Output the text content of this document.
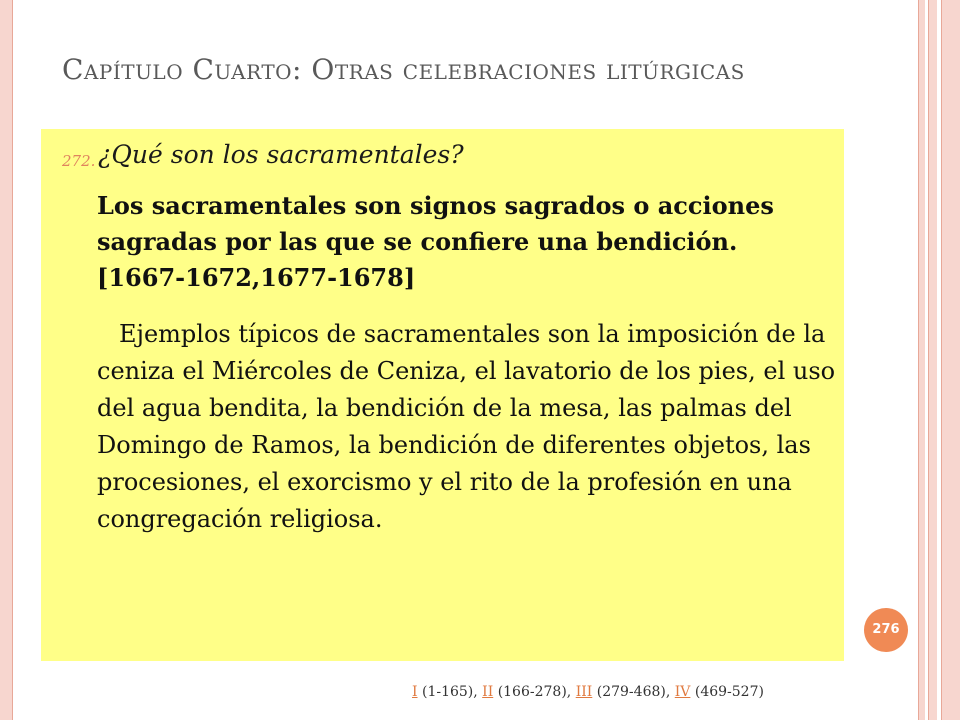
Capítulo Cuarto: Otras celebraciones litúrgicas
272. ¿Qué son los sacramentales?
Los sacramentales son signos sagrados o acciones sagradas por las que se confiere una bendición. [1667-1672,1677-1678]
Ejemplos típicos de sacramentales son la imposición de la ceniza el Miércoles de Ceniza, el lavatorio de los pies, el uso del agua bendita, la bendición de la mesa, las palmas del Domingo de Ramos, la bendición de diferentes objetos, las procesiones, el exorcismo y el rito de la profesión en una congregación religiosa.
276
I (1-165), II (166-278), III (279-468), IV (469-527)
